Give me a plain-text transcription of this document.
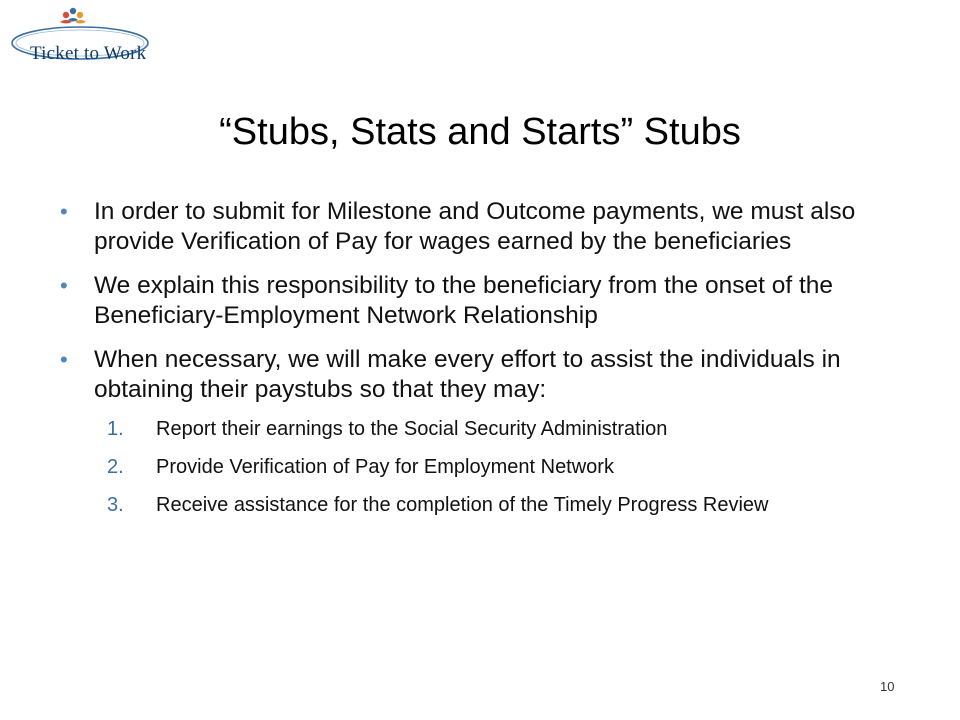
Ticket to Work
“Stubs, Stats and Starts” Stubs
• In order to submit for Milestone and Outcome payments, we must also provide Verification of Pay for wages earned by the beneficiaries
• We explain this responsibility to the beneficiary from the onset of the Beneficiary-Employment Network Relationship
• When necessary, we will make every effort to assist the individuals in obtaining their paystubs so that they may:
1. Report their earnings to the Social Security Administration
2. Provide Verification of Pay for Employment Network
3. Receive assistance for the completion of the Timely Progress Review
10
